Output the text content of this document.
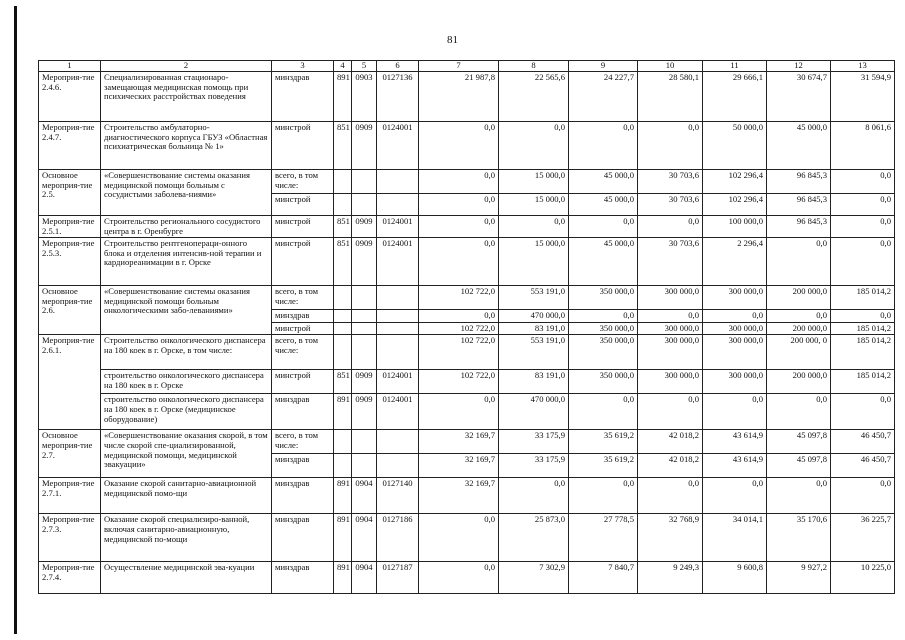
81
1	2	3	4	5	6	7	8	9	10	11	12	13
Мероприя-тие 2.4.6.	Специализированная стационаро-замещающая медицинская помощь при психических расстройствах поведения	минздрав	891	0903	0127136	21 987,8	22 565,6	24 227,7	28 580,1	29 666,1	30 674,7	31 594,9
Мероприя-тие 2.4.7.	Строительство амбулаторно-диагностического корпуса ГБУЗ «Областная психиатрическая больница № 1»	минстрой	851	0909	0124001	0,0	0,0	0,0	0,0	50 000,0	45 000,0	8 061,6
Основное мероприя-тие 2.5.	«Совершенствование системы оказания медицинской помощи больным с сосудистыми заболева-ниями»	всего, в том числе:				0,0	15 000,0	45 000,0	30 703,6	102 296,4	96 845,3	0,0
		минстрой				0,0	15 000,0	45 000,0	30 703,6	102 296,4	96 845,3	0,0
Мероприя-тие 2.5.1.	Строительство регионального сосудистого центра в г. Оренбурге	минстрой	851	0909	0124001	0,0	0,0	0,0	0,0	100 000,0	96 845,3	0,0
Мероприя-тие 2.5.3.	Строительство рентгенопераци-онного блока и отделения интенсив-ной терапии и кардиореанимации в г. Орске	минстрой	851	0909	0124001	0,0	15 000,0	45 000,0	30 703,6	2 296,4	0,0	0,0
Основное мероприя-тие 2.6.	«Совершенствование системы оказания медицинской помощи больным онкологическими забо-леваниями»	всего, в том числе:				102 722,0	553 191,0	350 000,0	300 000,0	300 000,0	200 000,0	185 014,2
		минздрав				0,0	470 000,0	0,0	0,0	0,0	0,0	0,0
		минстрой				102 722,0	83 191,0	350 000,0	300 000,0	300 000,0	200 000,0	185 014,2
Мероприя-тие 2.6.1.	Строительство онкологического диспансера на 180 коек в г. Орске, в том числе:	всего, в том числе:				102 722,0	553 191,0	350 000,0	300 000,0	300 000,0	200 000, 0	185 014,2
	строительство онкологического диспансера на 180 коек в г. Орске	минстрой	851	0909	0124001	102 722,0	83 191,0	350 000,0	300 000,0	300 000,0	200 000,0	185 014,2
	строительство онкологического диспансера на 180 коек в г. Орске (медицинское оборудование)	минздрав	891	0909	0124001	0,0	470 000,0	0,0	0,0	0,0	0,0	0,0
Основное мероприя-тие 2.7.	«Совершенствование оказания скорой, в том числе скорой спе-циализированной, медицинской помощи, медицинской эвакуации»	всего, в том числе:				32 169,7	33 175,9	35 619,2	42 018,2	43 614,9	45 097,8	46 450,7
		минздрав				32 169,7	33 175,9	35 619,2	42 018,2	43 614,9	45 097,8	46 450,7
Мероприя-тие 2.7.1.	Оказание скорой санитарно-авиационной медицинской помо-щи	минздрав	891	0904	0127140	32 169,7	0,0	0,0	0,0	0,0	0,0	0,0
Мероприя-тие 2.7.3.	Оказание скорой специализиро-ванной, включая санитарно-авиационную, медицинской по-мощи	минздрав	891	0904	0127186	0,0	25 873,0	27 778,5	32 768,9	34 014,1	35 170,6	36 225,7
Мероприя-тие 2.7.4.	Осуществление медицинской эва-куации	минздрав	891	0904	0127187	0,0	7 302,9	7 840,7	9 249,3	9 600,8	9 927,2	10 225,0
